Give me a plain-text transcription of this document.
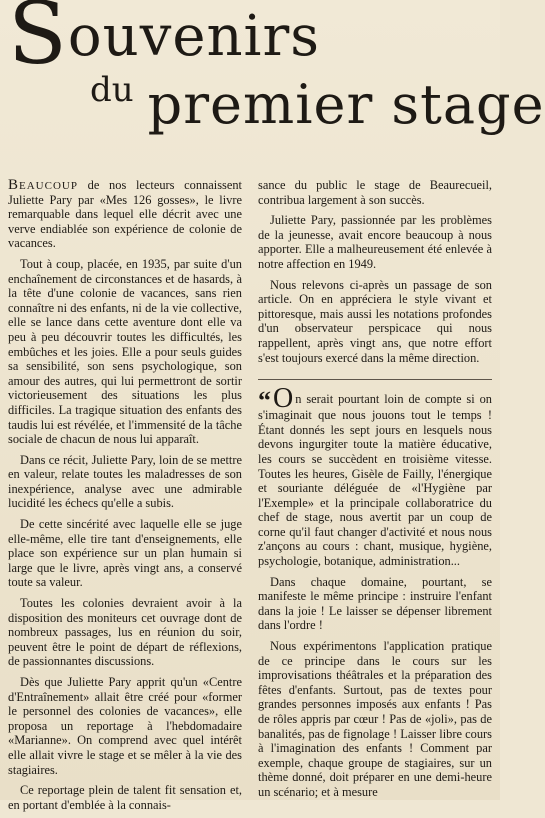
Souvenirs
du premier stage

Beaucoup de nos lecteurs connaissent Juliette Pary par «Mes 126 gosses», le livre remarquable dans lequel elle décrit avec une verve endiablée son expérience de colonie de vacances.

Tout à coup, placée, en 1935, par suite d'un enchaînement de circonstances et de hasards, à la tête d'une colonie de vacances, sans rien connaître ni des enfants, ni de la vie collective, elle se lance dans cette aventure dont elle va peu à peu découvrir toutes les difficultés, les embûches et les joies. Elle a pour seuls guides sa sensibilité, son sens psychologique, son amour des autres, qui lui permettront de sortir victorieusement des situations les plus difficiles. La tragique situation des enfants des taudis lui est révélée, et l'immensité de la tâche sociale de chacun de nous lui apparaît.

Dans ce récit, Juliette Pary, loin de se mettre en valeur, relate toutes les maladresses de son inexpérience, analyse avec une admirable lucidité les échecs qu'elle a subis.

De cette sincérité avec laquelle elle se juge elle-même, elle tire tant d'enseignements, elle place son expérience sur un plan humain si large que le livre, après vingt ans, a conservé toute sa valeur.

Toutes les colonies devraient avoir à la disposition des moniteurs cet ouvrage dont de nombreux passages, lus en réunion du soir, peuvent être le point de départ de réflexions, de passionnantes discussions.

Dès que Juliette Pary apprit qu'un «Centre d'Entraînement» allait être créé pour «former le personnel des colonies de vacances», elle proposa un reportage à l'hebdomadaire «Marianne». On comprend avec quel intérêt elle allait vivre le stage et se mêler à la vie des stagiaires.

Ce reportage plein de talent fit sensation et, en portant d'emblée à la connais-

sance du public le stage de Beaurecueil, contribua largement à son succès.

Juliette Pary, passionnée par les problèmes de la jeunesse, avait encore beaucoup à nous apporter. Elle a malheureusement été enlevée à notre affection en 1949.

Nous relevons ci-après un passage de son article. On en appréciera le style vivant et pittoresque, mais aussi les notations profondes d'un observateur perspicace qui nous rappellent, après vingt ans, que notre effort s'est toujours exercé dans la même direction.

“O n serait pourtant loin de compte si on s'imaginait que nous jouons tout le temps ! Étant donnés les sept jours en lesquels nous devons ingurgiter toute la matière éducative, les cours se succèdent en troisième vitesse. Toutes les heures, Gisèle de Failly, l'énergique et souriante déléguée de «l'Hygiène par l'Exemple» et la principale collaboratrice du chef de stage, nous avertit par un coup de corne qu'il faut changer d'activité et nous nous z'ançons au cours : chant, musique, hygiène, psychologie, botanique, administration...

Dans chaque domaine, pourtant, se manifeste le même principe : instruire l'enfant dans la joie ! Le laisser se dépenser librement dans l'ordre !

Nous expérimentons l'application pratique de ce principe dans le cours sur les improvisations théâtrales et la préparation des fêtes d'enfants. Surtout, pas de textes pour grandes personnes imposés aux enfants ! Pas de rôles appris par cœur ! Pas de «joli», pas de banalités, pas de fignolage ! Laisser libre cours à l'imagination des enfants ! Comment par exemple, chaque groupe de stagiaires, sur un thème donné, doit préparer en une demi-heure un scénario; et à mesure
